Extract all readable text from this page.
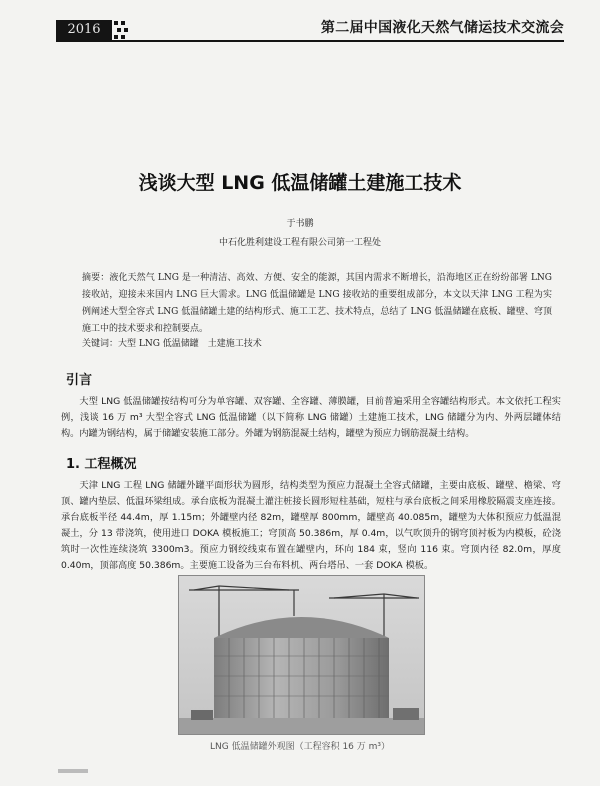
2016	第二届中国液化天然气储运技术交流会
浅谈大型 LNG 低温储罐土建施工技术
于书鹏
中石化胜利建设工程有限公司第一工程处
摘要：液化天然气 LNG 是一种清洁、高效、方便、安全的能源，其国内需求不断增长，沿海地区正在纷纷部署 LNG 接收站，迎接未来国内 LNG 巨大需求。LNG 低温储罐是 LNG 接收站的重要组成部分，本文以天津 LNG 工程为实例阐述大型全容式 LNG 低温储罐土建的结构形式、施工工艺、技术特点，总结了 LNG 低温储罐在底板、罐壁、穹顶施工中的技术要求和控制要点。
关键词：大型 LNG 低温储罐　土建施工技术
引言
大型 LNG 低温储罐按结构可分为单容罐、双容罐、全容罐、薄膜罐，目前普遍采用全容罐结构形式。本文依托工程实例，浅谈 16 万 m³ 大型全容式 LNG 低温储罐（以下简称 LNG 储罐）土建施工技术，LNG 储罐分为内、外两层罐体结构。内罐为钢结构，属于储罐安装施工部分。外罐为钢筋混凝土结构，罐壁为预应力钢筋混凝土结构。
1. 工程概况
天津 LNG 工程 LNG 储罐外罐平面形状为圆形，结构类型为预应力混凝土全容式储罐，主要由底板、罐壁、檐梁、穹顶、罐内垫层、低温环梁组成。承台底板为混凝土灌注桩接长圆形短柱基础，短柱与承台底板之间采用橡胶隔震支座连接。承台底板半径 44.4m，厚 1.15m；外罐壁内径 82m，罐壁厚 800mm，罐壁高 40.085m，罐壁为大体积预应力低温混凝土，分 13 带浇筑，使用进口 DOKA 模板施工；穹顶高 50.386m，厚 0.4m，以气吹顶升的钢穹顶衬板为内模板，砼浇筑时一次性连续浇筑 3300m3。预应力钢绞线束布置在罐壁内，环向 184 束，竖向 116 束。穹顶内径 82.0m，厚度 0.40m，顶部高度 50.386m。主要施工设备为三台布料机、两台塔吊、一套 DOKA 模板。
LNG 低温储罐外观图（工程容积 16 万 m³）
